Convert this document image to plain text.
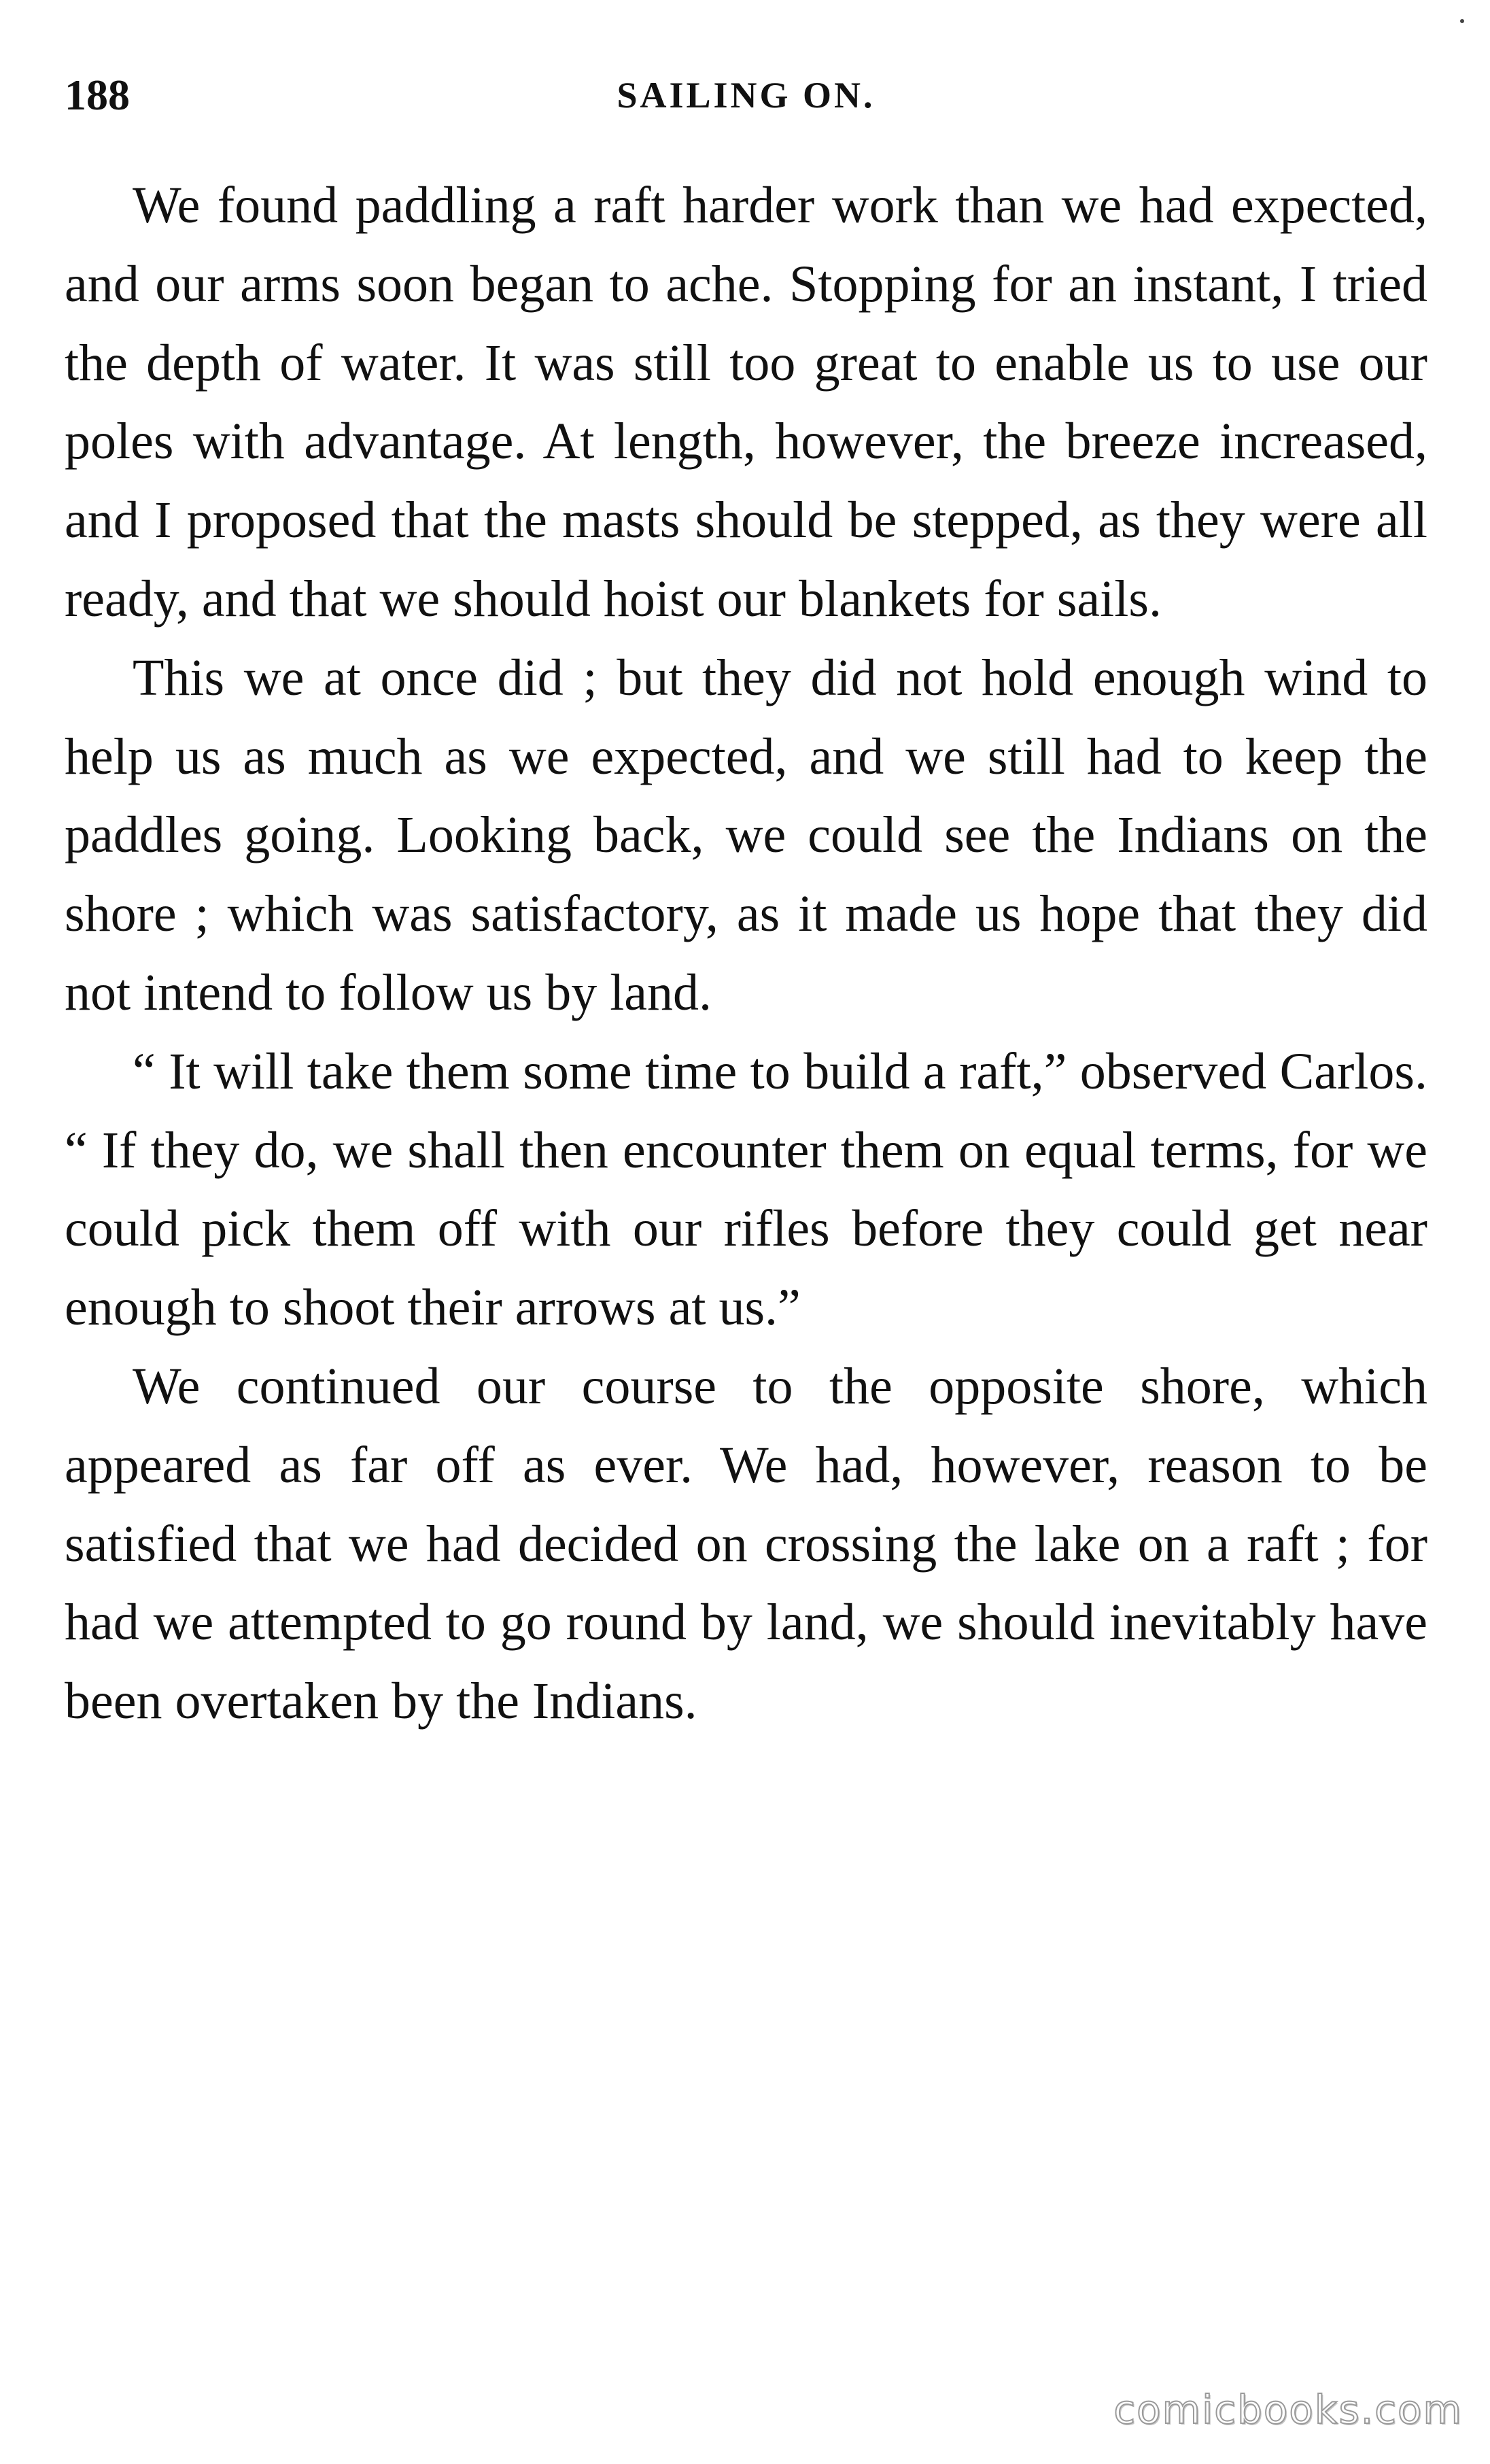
188	SAILING ON.

We found paddling a raft harder work than we had expected, and our arms soon began to ache. Stopping for an instant, I tried the depth of water. It was still too great to enable us to use our poles with advantage. At length, however, the breeze increased, and I proposed that the masts should be stepped, as they were all ready, and that we should hoist our blankets for sails.

This we at once did ; but they did not hold enough wind to help us as much as we expected, and we still had to keep the paddles going. Looking back, we could see the Indians on the shore ; which was satisfactory, as it made us hope that they did not intend to follow us by land.

“ It will take them some time to build a raft,” observed Carlos. “ If they do, we shall then encounter them on equal terms, for we could pick them off with our rifles before they could get near enough to shoot their arrows at us.”

We continued our course to the opposite shore, which appeared as far off as ever. We had, however, reason to be satisfied that we had decided on crossing the lake on a raft ; for had we attempted to go round by land, we should inevitably have been overtaken by the Indians.

comicbooks.com
